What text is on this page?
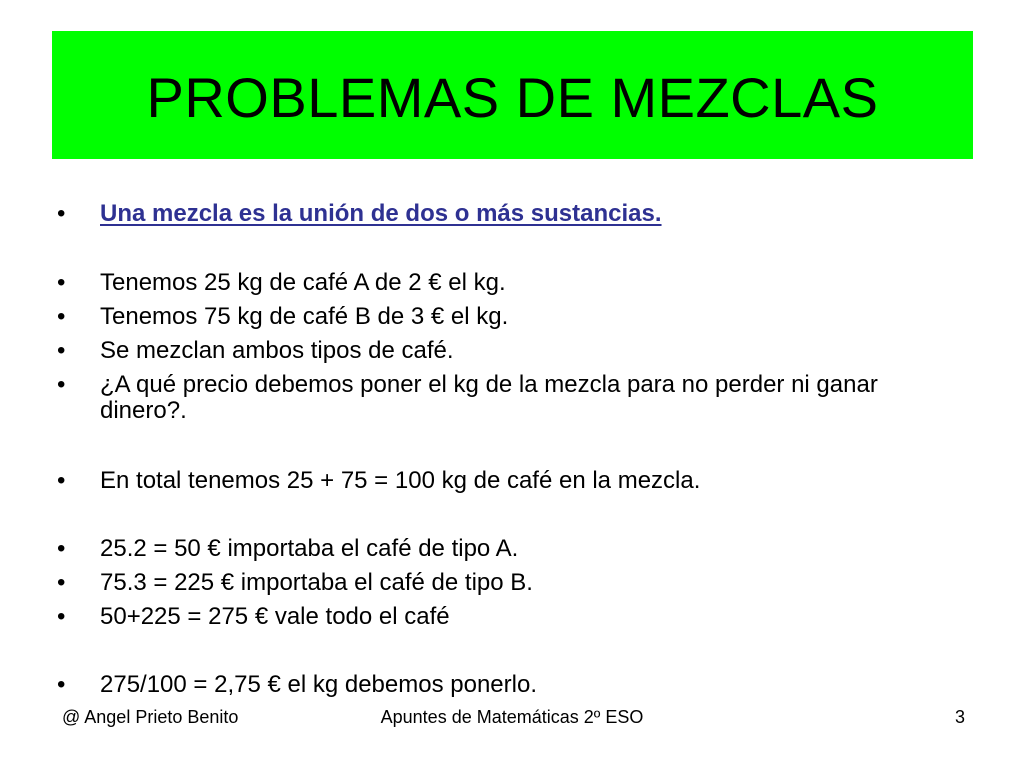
PROBLEMAS DE MEZCLAS
•	Una mezcla es la unión de dos o más sustancias.
•	Tenemos 25 kg de café A de 2 € el kg.
•	Tenemos 75 kg de café B de 3 € el kg.
•	Se mezclan ambos tipos de café.
•	¿A qué precio debemos poner el kg de la mezcla para no perder ni ganar dinero?.
•	En total tenemos 25 + 75 = 100 kg de café en la mezcla.
•	25.2 = 50 € importaba el café de tipo A.
•	75.3 = 225 € importaba el café de tipo B.
•	50+225 = 275 € vale todo el café
•	275/100 = 2,75 € el kg debemos ponerlo.
@ Angel Prieto Benito	Apuntes de Matemáticas 2º ESO	3
